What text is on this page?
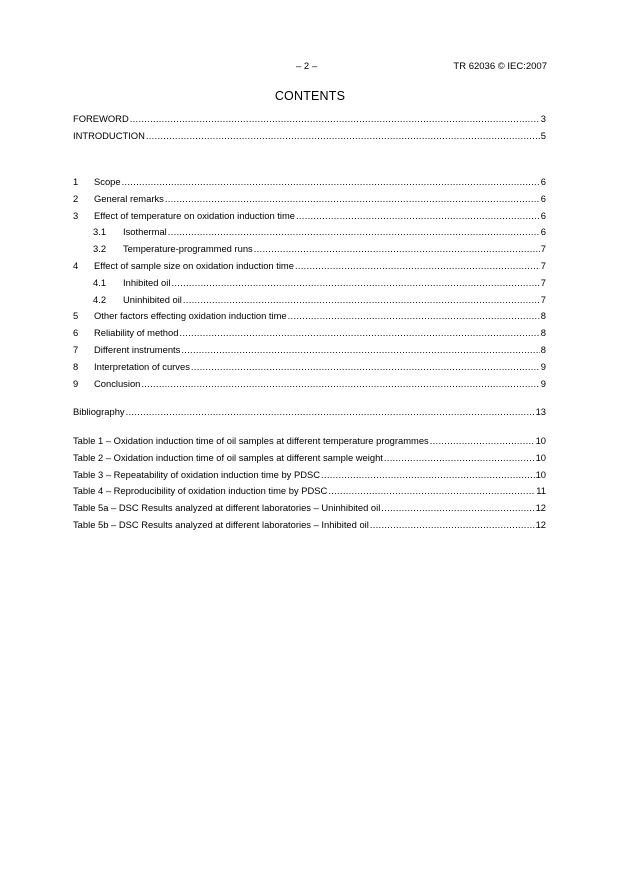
– 2 –	TR 62036 © IEC:2007
CONTENTS
FOREWORD .....	3
INTRODUCTION .....	5
1	Scope .....	6
2	General remarks .....	6
3	Effect of temperature on oxidation induction time .....	6
3.1	Isothermal .....	6
3.2	Temperature-programmed runs .....	7
4	Effect of sample size on oxidation induction time .....	7
4.1	Inhibited oil .....	7
4.2	Uninhibited oil .....	7
5	Other factors effecting oxidation induction time .....	8
6	Reliability of method .....	8
7	Different instruments .....	8
8	Interpretation of curves .....	9
9	Conclusion .....	9
Bibliography .....	13
Table 1 – Oxidation induction time of oil samples at different temperature programmes .....	10
Table 2 – Oxidation induction time of oil samples at different sample weight .....	10
Table 3 – Repeatability of oxidation induction time by PDSC .....	10
Table 4 – Reproducibility of oxidation induction time by PDSC .....	11
Table 5a – DSC Results analyzed at different laboratories – Uninhibited oil .....	12
Table 5b – DSC Results analyzed at different laboratories – Inhibited oil .....	12
